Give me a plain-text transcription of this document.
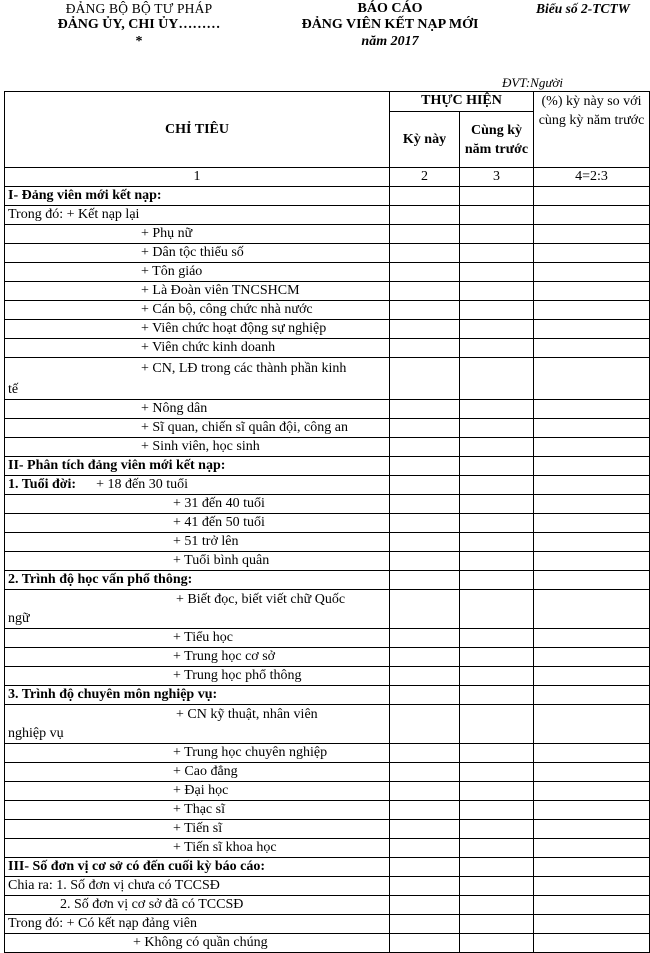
ĐẢNG BỘ BỘ TƯ PHÁP
ĐẢNG ỦY, CHI ỦY………
*
BÁO CÁO
ĐẢNG VIÊN KẾT NẠP MỚI
năm 2017
Biểu số 2-TCTW
ĐVT:Người
CHỈ TIÊU	THỰC HIỆN		(%) kỳ này so với cùng kỳ năm trước
	Kỳ này	Cùng kỳ năm trước	
1	2	3	4=2:3
I- Đảng viên mới kết nạp:			
Trong đó: + Kết nạp lại			
+ Phụ nữ			
+ Dân tộc thiểu số			
+ Tôn giáo			
+ Là Đoàn viên TNCSHCM			
+ Cán bộ, công chức nhà nước			
+ Viên chức hoạt động sự nghiệp			
+ Viên chức kinh doanh			

+ CN, LĐ trong các thành phần kinh
tế			

+ Nông dân			
+ Sĩ quan, chiến sĩ quân đội, công an			
+ Sinh viên, học sinh			
II- Phân tích đảng viên mới kết nạp:			
1. Tuổi đời: + 18 đến 30 tuổi			
+ 31 đến 40 tuổi			
+ 41 đến 50 tuổi			
+ 51 trở lên			
+ Tuổi bình quân			
2. Trình độ học vấn phổ thông:			

+ Biết đọc, biết viết chữ Quốc
ngữ			

+ Tiểu học			
+ Trung học cơ sở			
+ Trung học phổ thông			
3. Trình độ chuyên môn nghiệp vụ:			

+ CN kỹ thuật, nhân viên
nghiệp vụ			

+ Trung học chuyên nghiệp			
+ Cao đẳng			
+ Đại học			
+ Thạc sĩ			
+ Tiến sĩ			
+ Tiến sĩ khoa học			
III- Số đơn vị cơ sở có đến cuối kỳ báo cáo:			
Chia ra: 1. Số đơn vị chưa có TCCSĐ			
2. Số đơn vị cơ sở đã có TCCSĐ			
Trong đó: + Có kết nạp đảng viên			
+ Không có quần chúng			
